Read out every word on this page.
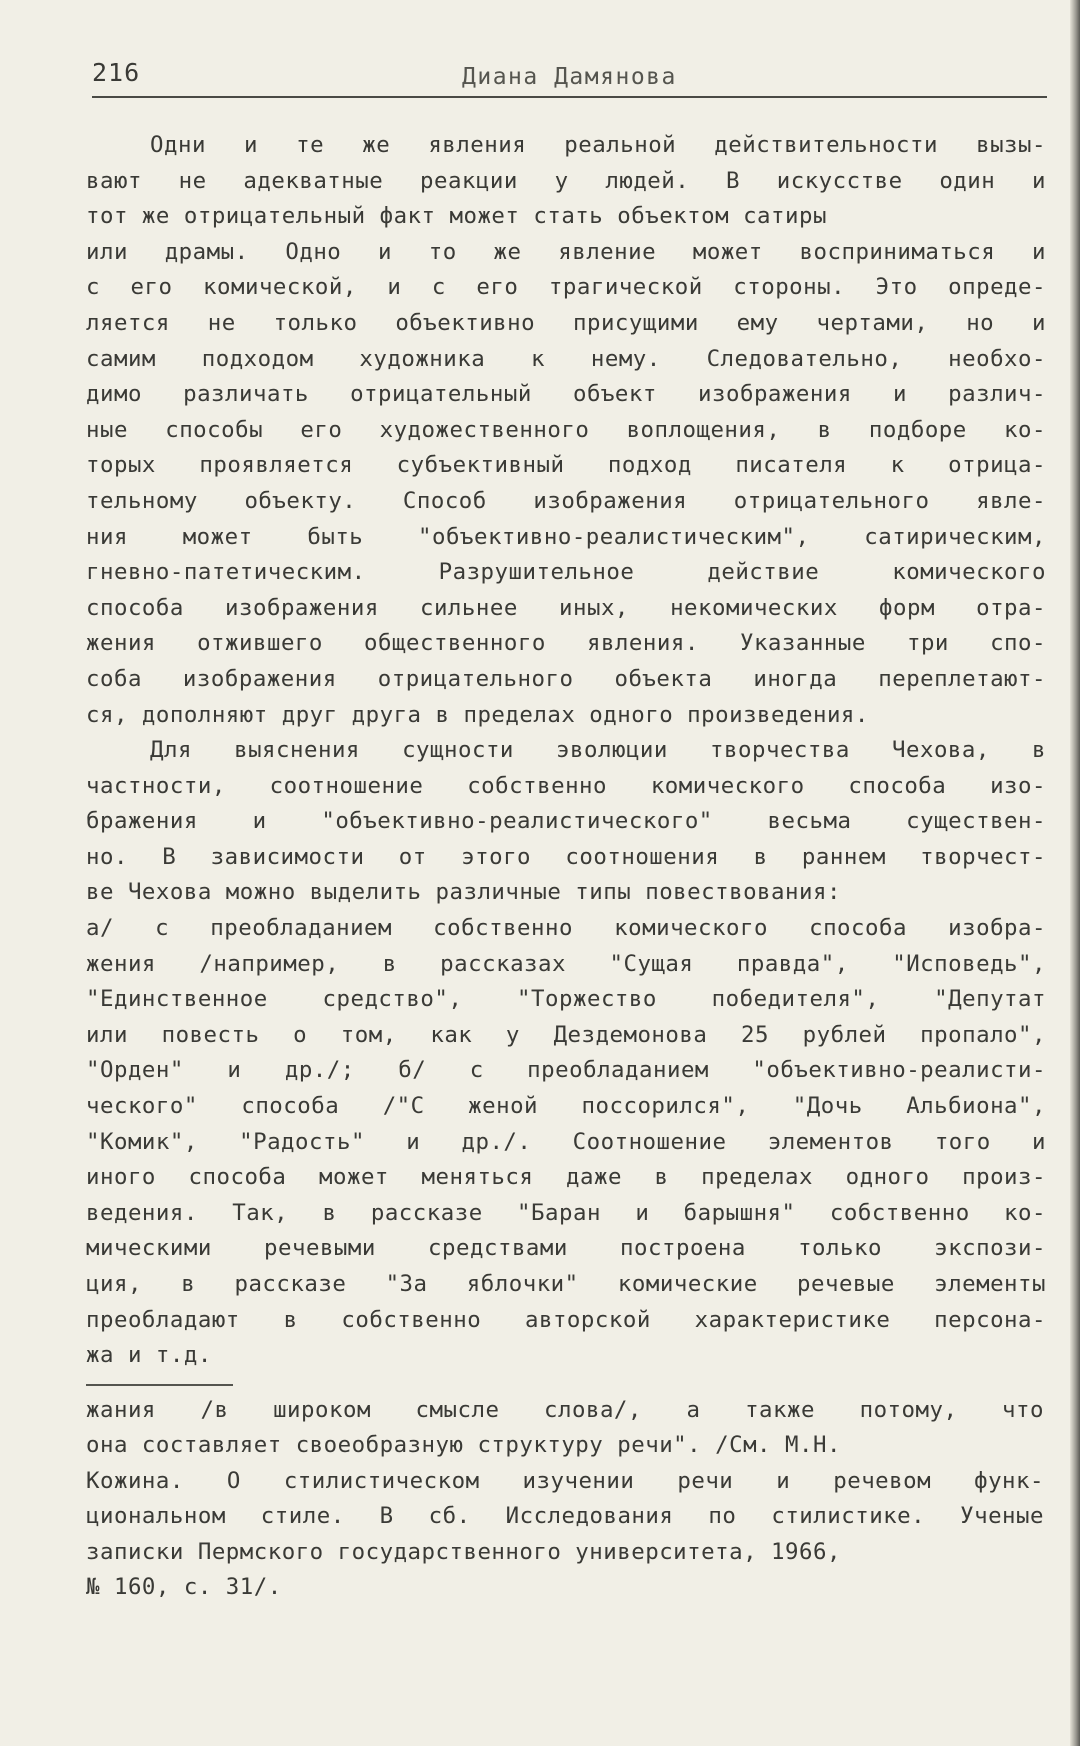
216	Диана Дамянова
Одни и те же явления реальной действительности вызы-
вают не адекватные реакции у людей. В искусстве один и
тот же отрицательный факт может стать объектом сатиры
или драмы. Одно и то же явление может восприниматься и
с его комической, и с его трагической стороны. Это опреде-
ляется не только объективно присущими ему чертами, но и
самим подходом художника к нему. Следовательно, необхо-
димо различать отрицательный объект изображения и различ-
ные способы его художественного воплощения, в подборе ко-
торых проявляется субъективный подход писателя к отрица-
тельному объекту. Способ изображения отрицательного явле-
ния может быть "объективно-реалистическим", сатирическим,
гневно-патетическим. Разрушительное действие комического
способа изображения сильнее иных, некомических форм отра-
жения отжившего общественного явления. Указанные три спо-
соба изображения отрицательного объекта иногда переплетают-
ся, дополняют друг друга в пределах одного произведения.
Для выяснения сущности эволюции творчества Чехова, в
частности, соотношение собственно комического способа изо-
бражения и "объективно-реалистического" весьма существен-
но. В зависимости от этого соотношения в раннем творчест-
ве Чехова можно выделить различные типы повествования:
а/ с преобладанием собственно комического способа изобра-
жения /например, в рассказах "Сущая правда", "Исповедь",
"Единственное средство", "Торжество победителя", "Депутат
или повесть о том, как у Дездемонова 25 рублей пропало",
"Орден" и др./; б/ с преобладанием "объективно-реалисти-
ческого" способа /"С женой поссорился", "Дочь Альбиона",
"Комик", "Радость" и др./. Соотношение элементов того и
иного способа может меняться даже в пределах одного произ-
ведения. Так, в рассказе "Баран и барышня" собственно ко-
мическими речевыми средствами построена только экспози-
ция, в рассказе "За яблочки" комические речевые элементы
преобладают в собственно авторской характеристике персона-
жа и т.д.
жания /в широком смысле слова/, а также потому, что
она составляет своеобразную структуру речи". /См. М.Н.
Кожина. О стилистическом изучении речи и речевом функ-
циональном стиле. В сб. Исследования по стилистике. Ученые
записки Пермского государственного университета, 1966,
№ 160, с. 31/.
